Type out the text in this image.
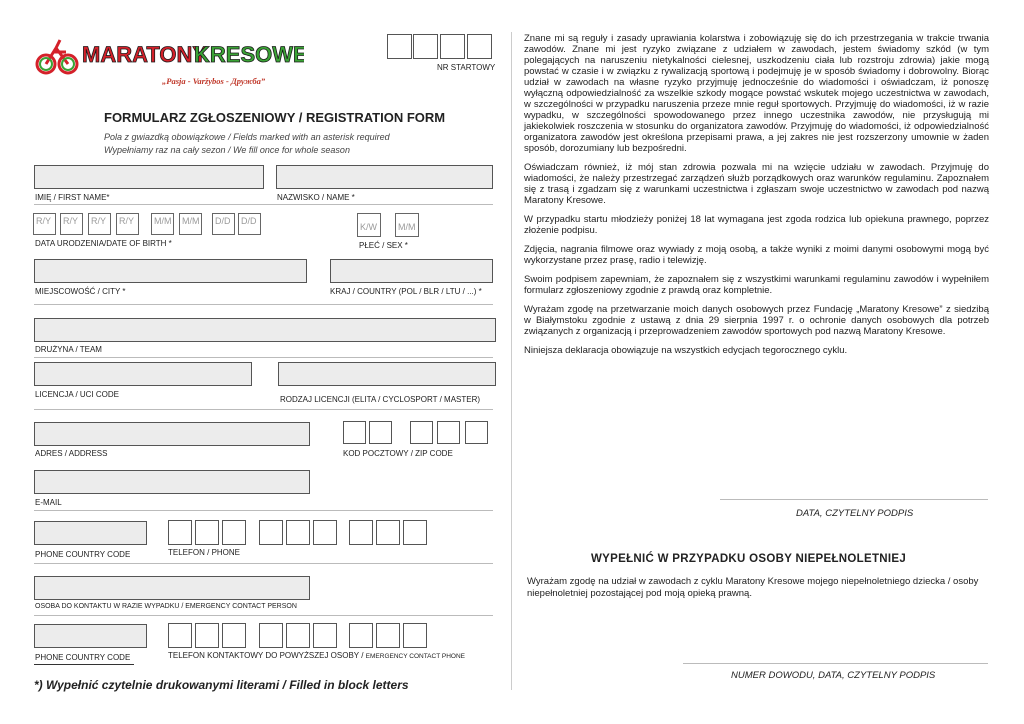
MARATONY
KRESOWE
„Pasja - Varžybos - Дружба”
NR STARTOWY
FORMULARZ ZGŁOSZENIOWY / REGISTRATION FORM
Pola z gwiazdką obowiązkowe / Fields marked with an asterisk required
Wypełniamy raz na cały sezon / We fill once for whole season
IMIĘ / FIRST NAME*	NAZWISKO / NAME *
R/Y	R/Y	R/Y	R/Y	M/M	M/M	D/D	D/D
DATA URODZENIA/DATE OF BIRTH *
K/W	M/M
PŁEĆ / SEX *
MIEJSCOWOŚĆ / CITY *	KRAJ / COUNTRY (POL / BLR / LTU / ...) *
DRUŻYNA / TEAM
LICENCJA / UCI CODE
RODZAJ LICENCJI (ELITA / CYCLOSPORT / MASTER)
ADRES / ADDRESS	KOD POCZTOWY / ZIP CODE
E-MAIL
PHONE COUNTRY CODE	TELEFON / PHONE
OSOBA DO KONTAKTU W RAZIE WYPADKU / EMERGENCY CONTACT PERSON
PHONE COUNTRY CODE	TELEFON KONTAKTOWY DO POWYŻSZEJ OSOBY / EMERGENCY CONTACT PHONE
*) Wypełnić czytelnie drukowanymi literami / Filled in block letters

Znane mi są reguły i zasady uprawiania kolarstwa i zobowiązuję się do ich przestrzegania w trakcie trwania zawodów. Znane mi jest ryzyko związane z udziałem w zawodach, jestem świadomy szkód (w tym polegających na naruszeniu nietykalności cielesnej, uszkodzeniu ciała lub rozstroju zdrowia) jakie mogą powstać w czasie i w związku z rywalizacją sportową i podejmuję je w sposób świadomy i dobrowolny. Biorąc udział w zawodach na własne ryzyko przyjmuję jednocześnie do wiadomości i oświadczam, iż ponoszę wyłączną odpowiedzialność za wszelkie szkody mogące powstać wskutek mojego uczestnictwa w zawodach, w szczególności w przypadku naruszenia przeze mnie reguł sportowych. Przyjmuję do wiadomości, iż w razie wypadku, w szczególności spowodowanego przez innego uczestnika zawodów, nie przysługują mi jakiekolwiek roszczenia w stosunku do organizatora zawodów. Przyjmuję do wiadomości, iż odpowiedzialność organizatora zawodów jest określona przepisami prawa, a jej zakres nie jest rozszerzony umownie w żaden sposób, dorozumiany lub bezpośredni.

Oświadczam również, iż mój stan zdrowia pozwala mi na wzięcie udziału w zawodach. Przyjmuję do wiadomości, że należy przestrzegać zarządzeń służb porządkowych oraz warunków regulaminu. Zapoznałem się z trasą i zgadzam się z warunkami uczestnictwa i zgłaszam swoje uczestnictwo w zawodach pod nazwą Maratony Kresowe.

W przypadku startu młodzieży poniżej 18 lat wymagana jest zgoda rodzica lub opiekuna prawnego, poprzez złożenie podpisu.

Zdjęcia, nagrania filmowe oraz wywiady z moją osobą, a także wyniki z moimi danymi osobowymi mogą być wykorzystane przez prasę, radio i telewizję.

Swoim podpisem zapewniam, że zapoznałem się z wszystkimi warunkami regulaminu zawodów i wypełniłem formularz zgłoszeniowy zgodnie z prawdą oraz kompletnie.

Wyrażam zgodę na przetwarzanie moich danych osobowych przez Fundację „Maratony Kresowe” z siedzibą w Białymstoku zgodnie z ustawą z dnia 29 sierpnia 1997 r. o ochronie danych osobowych dla potrzeb związanych z organizacją i przeprowadzeniem zawodów sportowych pod nazwą Maratony Kresowe.

Niniejsza deklaracja obowiązuje na wszystkich edycjach tegorocznego cyklu.

DATA, CZYTELNY PODPIS
WYPEŁNIĆ W PRZYPADKU OSOBY NIEPEŁNOLETNIEJ
Wyrażam zgodę na udział w zawodach z cyklu Maratony Kresowe mojego niepełnoletniego dziecka / osoby niepełnoletniej pozostającej pod moją opieką prawną.
NUMER DOWODU, DATA, CZYTELNY PODPIS
